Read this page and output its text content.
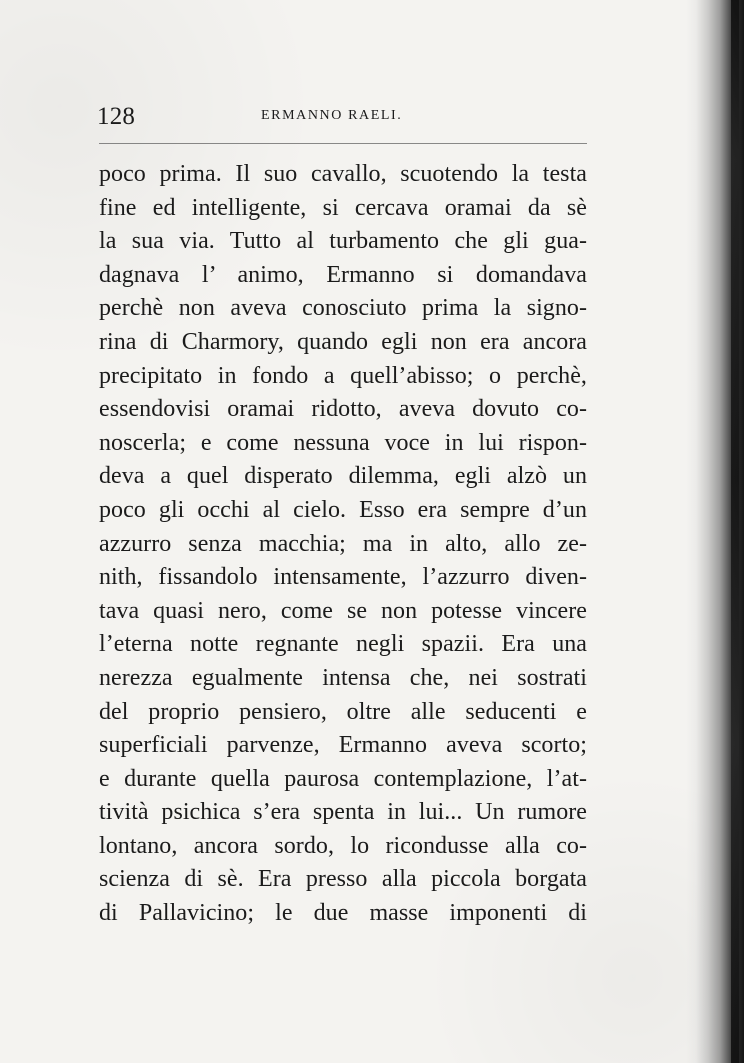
128	ERMANNO RAELI.
poco prima. Il suo cavallo, scuotendo la testa
fine ed intelligente, si cercava oramai da sè
la sua via. Tutto al turbamento che gli gua-
dagnava l’ animo, Ermanno si domandava
perchè non aveva conosciuto prima la signo-
rina di Charmory, quando egli non era ancora
precipitato in fondo a quell’abisso; o perchè,
essendovisi oramai ridotto, aveva dovuto co-
noscerla; e come nessuna voce in lui rispon-
deva a quel disperato dilemma, egli alzò un
poco gli occhi al cielo. Esso era sempre d’un
azzurro senza macchia; ma in alto, allo ze-
nith, fissandolo intensamente, l’azzurro diven-
tava quasi nero, come se non potesse vincere
l’eterna notte regnante negli spazii. Era una
nerezza egualmente intensa che, nei sostrati
del proprio pensiero, oltre alle seducenti e
superficiali parvenze, Ermanno aveva scorto;
e durante quella paurosa contemplazione, l’at-
tività psichica s’era spenta in lui... Un rumore
lontano, ancora sordo, lo ricondusse alla co-
scienza di sè. Era presso alla piccola borgata
di Pallavicino; le due masse imponenti di
